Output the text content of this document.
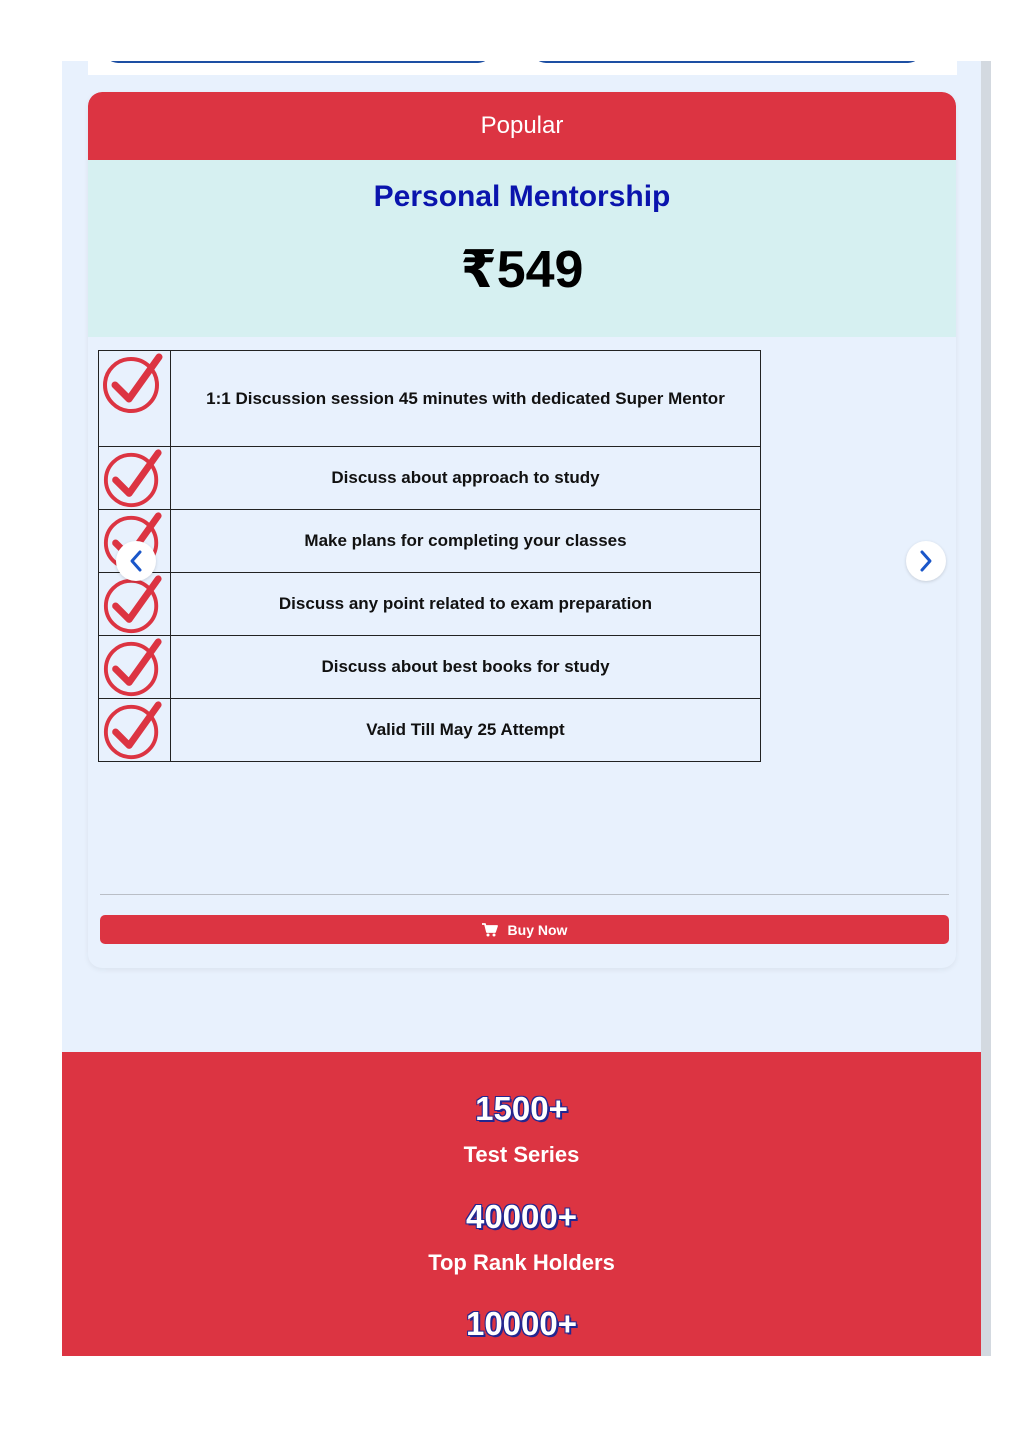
Popular
Personal Mentorship
₹549
	1:1 Discussion session 45 minutes with dedicated Super Mentor

	Discuss about approach to study

	Make plans for completing your classes

	Discuss any point related to exam preparation

	Discuss about best books for study

	Valid Till May 25 Attempt
Buy Now
1500+
Test Series
40000+
Top Rank Holders
10000+
